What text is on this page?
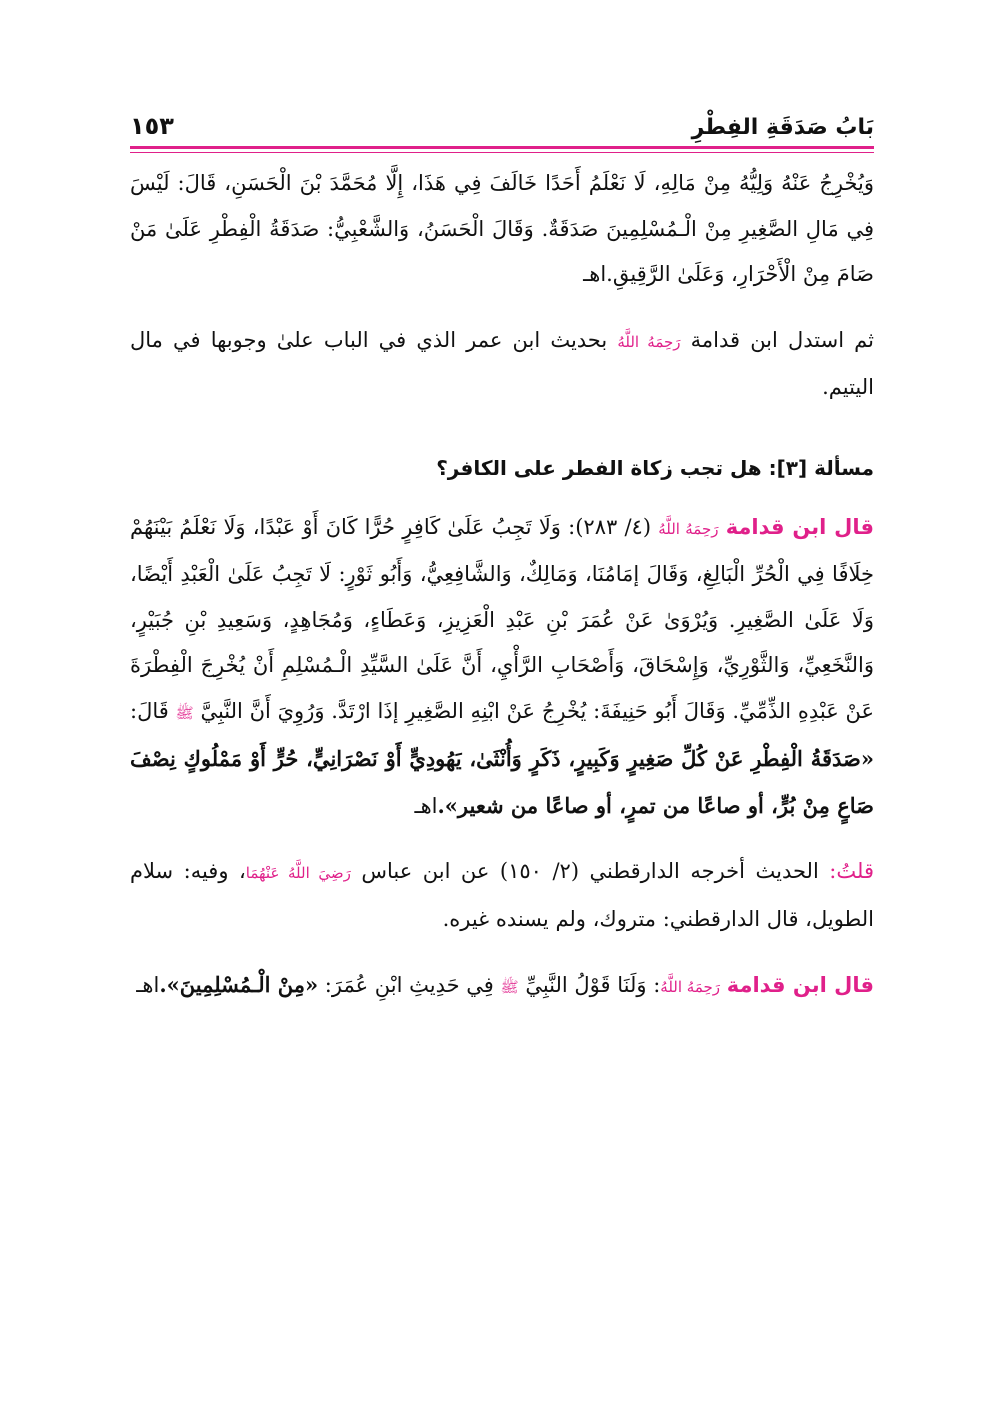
بَابُ صَدَقَةِ الفِطْرِ
١٥٣

وَيُخْرِجُ عَنْهُ وَلِيُّهُ مِنْ مَالِهِ، لَا نَعْلَمُ أَحَدًا خَالَفَ فِي هَذَا، إِلَّا مُحَمَّدَ بْنَ الْحَسَنِ، قَالَ: لَيْسَ فِي مَالِ الصَّغِيرِ مِنْ الْـمُسْلِمِينَ صَدَقَةٌ. وَقَالَ الْحَسَنُ، وَالشَّعْبِيُّ: صَدَقَةُ الْفِطْرِ عَلَىٰ مَنْ صَامَ مِنْ الْأَحْرَارِ، وَعَلَىٰ الرَّقِيقِ.اهـ

ثم استدل ابن قدامة رَحِمَهُ اللَّهُ بحديث ابن عمر الذي في الباب علىٰ وجوبها في مال اليتيم.

مسألة [٣]: هل تجب زكاة الفطر على الكافر؟

قال ابن قدامة رَحِمَهُ اللَّهُ (٤/ ٢٨٣): وَلَا تَجِبُ عَلَىٰ كَافِرٍ حُرًّا كَانَ أَوْ عَبْدًا، وَلَا نَعْلَمُ بَيْنَهُمْ خِلَافًا فِي الْحُرِّ الْبَالِغِ، وَقَالَ إمَامُنَا، وَمَالِكٌ، وَالشَّافِعِيُّ، وَأَبُو ثَوْرٍ: لَا تَجِبُ عَلَىٰ الْعَبْدِ أَيْضًا، وَلَا عَلَىٰ الصَّغِيرِ. وَيُرْوَىٰ عَنْ عُمَرَ بْنِ عَبْدِ الْعَزِيزِ، وَعَطَاءٍ، وَمُجَاهِدٍ، وَسَعِيدِ بْنِ جُبَيْرٍ، وَالنَّخَعِيِّ، وَالثَّوْرِيِّ، وَإِسْحَاقَ، وَأَصْحَابِ الرَّأْيِ، أَنَّ عَلَىٰ السَّيِّدِ الْـمُسْلِمِ أَنْ يُخْرِجَ الْفِطْرَةَ عَنْ عَبْدِهِ الذِّمِّيِّ. وَقَالَ أَبُو حَنِيفَةَ: يُخْرِجُ عَنْ ابْنِهِ الصَّغِيرِ إذَا ارْتَدَّ. وَرُوِيَ أَنَّ النَّبِيَّ ﷺ قَالَ: «صَدَقَةُ الْفِطْرِ عَنْ كُلِّ صَغِيرٍ وَكَبِيرٍ، ذَكَرٍ وَأُنْثَىٰ، يَهُودِيٍّ أَوْ نَصْرَانِيٍّ، حُرٍّ أَوْ مَمْلُوكٍ نِصْفَ صَاعٍ مِنْ بُرٍّ، أو صاعًا من تمرٍ، أو صاعًا من شعير».اهـ

قلتُ: الحديث أخرجه الدارقطني (٢/ ١٥٠) عن ابن عباس رَضِيَ اللَّهُ عَنْهُمَا، وفيه: سلام الطويل، قال الدارقطني: متروك، ولم يسنده غيره.

قال ابن قدامة رَحِمَهُ اللَّهُ: وَلَنَا قَوْلُ النَّبِيِّ ﷺ فِي حَدِيثِ ابْنِ عُمَرَ: «مِنْ الْـمُسْلِمِينَ».اهـ
